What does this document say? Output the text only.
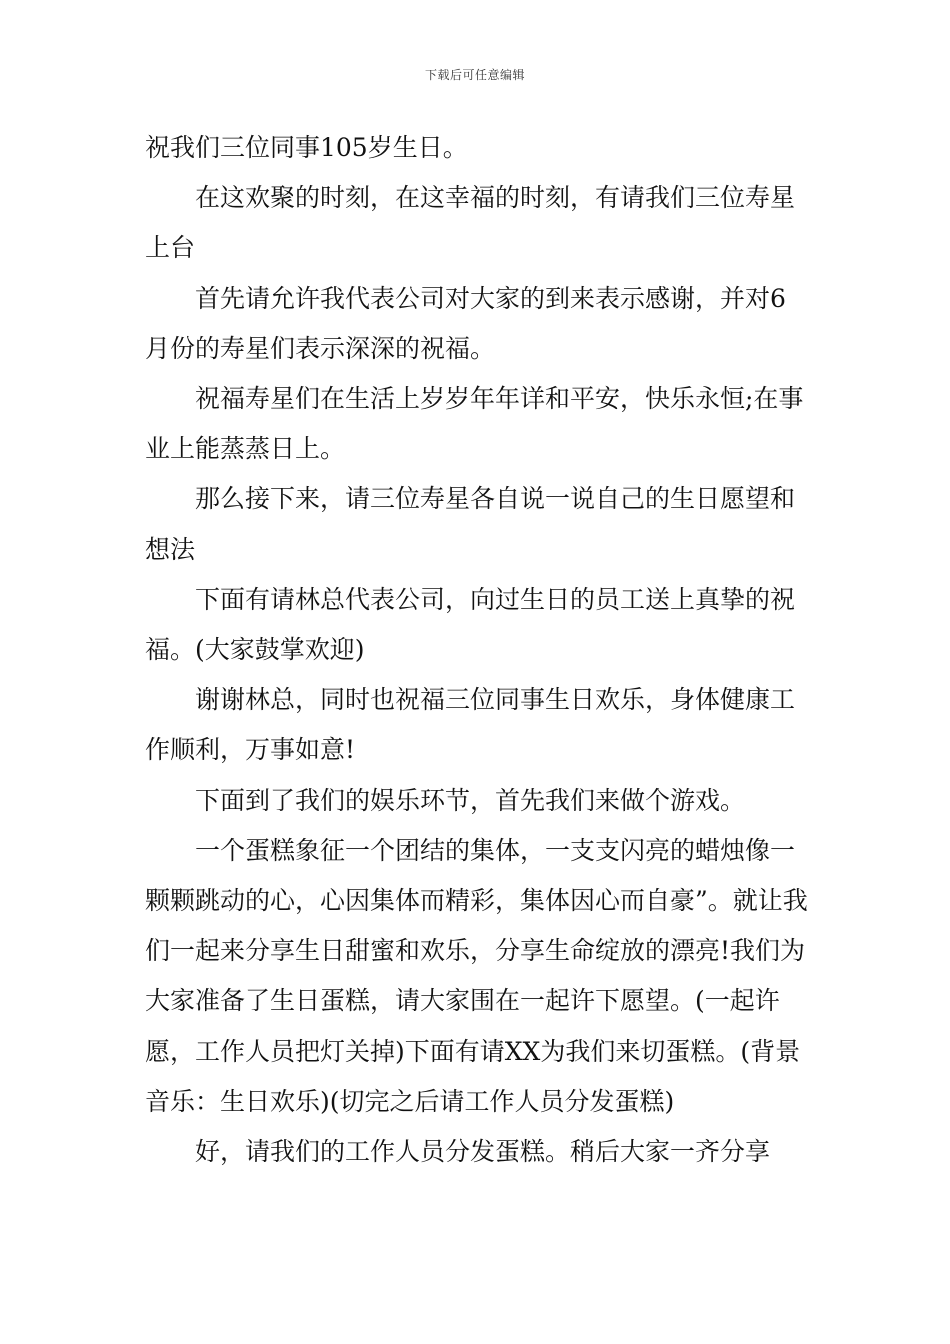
下载后可任意编辑

祝我们三位同事105岁生日。

在这欢聚的时刻，在这幸福的时刻，有请我们三位寿星上台

首先请允许我代表公司对大家的到来表示感谢，并对6月份的寿星们表示深深的祝福。

祝福寿星们在生活上岁岁年年详和平安，快乐永恒;在事业上能蒸蒸日上。

那么接下来，请三位寿星各自说一说自己的生日愿望和想法

下面有请林总代表公司，向过生日的员工送上真挚的祝福。(大家鼓掌欢迎)

谢谢林总，同时也祝福三位同事生日欢乐，身体健康工作顺利，万事如意!

下面到了我们的娱乐环节，首先我们来做个游戏。

一个蛋糕象征一个团结的集体，一支支闪亮的蜡烛像一颗颗跳动的心，心因集体而精彩，集体因心而自豪”。就让我们一起来分享生日甜蜜和欢乐，分享生命绽放的漂亮!我们为大家准备了生日蛋糕，请大家围在一起许下愿望。(一起许愿，工作人员把灯关掉)下面有请XX为我们来切蛋糕。(背景音乐：生日欢乐)(切完之后请工作人员分发蛋糕)

好，请我们的工作人员分发蛋糕。稍后大家一齐分享
